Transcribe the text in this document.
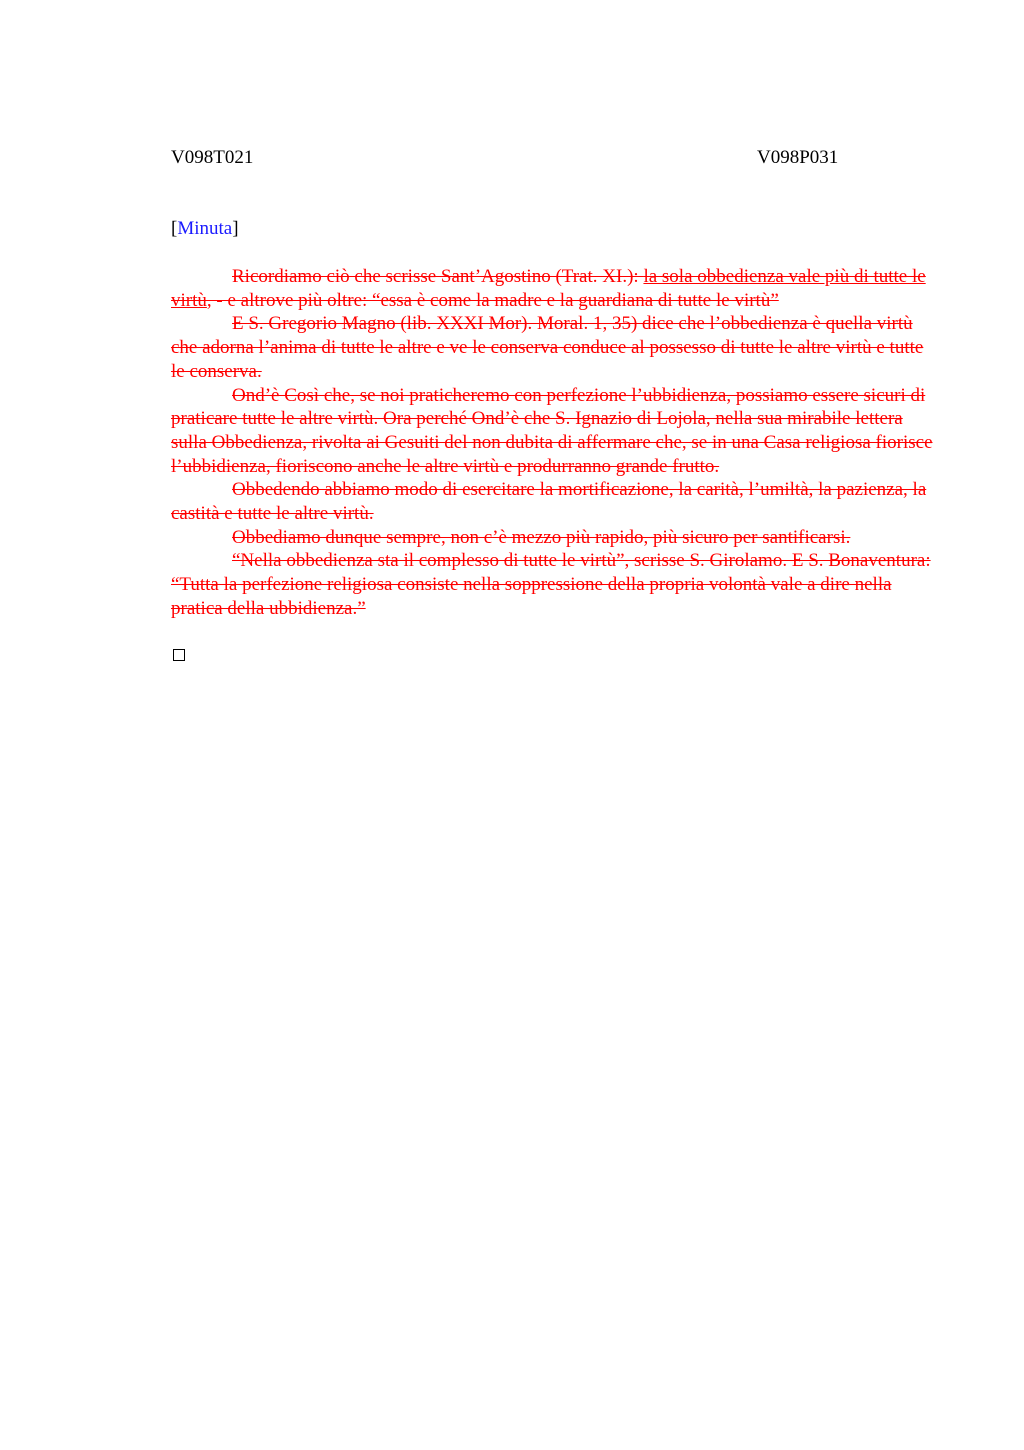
V098T021	V098P031
[Minuta]

Ricordiamo ciò che scrisse Sant’Agostino (Trat. XI.): la sola obbedienza vale più di tutte le virtù, - e altrove più oltre: “essa è come la madre e la guardiana di tutte le virtù”

E S. Gregorio Magno (lib. XXXI Mor). Moral. 1, 35) dice che l’obbedienza è quella virtù che adorna l’anima di tutte le altre e ve le conserva conduce al possesso di tutte le altre virtù e tutte le conserva.

Ond’è Così che, se noi praticheremo con perfezione l’ubbidienza, possiamo essere sicuri di praticare tutte le altre virtù. Ora perché Ond’è che S. Ignazio di Lojola, nella sua mirabile lettera sulla Obbedienza, rivolta ai Gesuiti del non dubita di affermare che, se in una Casa religiosa fiorisce l’ubbidienza, fioriscono anche le altre virtù e produrranno grande frutto.

Obbedendo abbiamo modo di esercitare la mortificazione, la carità, l’umiltà, la pazienza, la castità e tutte le altre virtù.

Obbediamo dunque sempre, non c’è mezzo più rapido, più sicuro per santificarsi.

“Nella obbedienza sta il complesso di tutte le virtù”, scrisse S. Girolamo. E S. Bonaventura: “Tutta la perfezione religiosa consiste nella soppressione della propria volontà vale a dire nella pratica della ubbidienza.”
